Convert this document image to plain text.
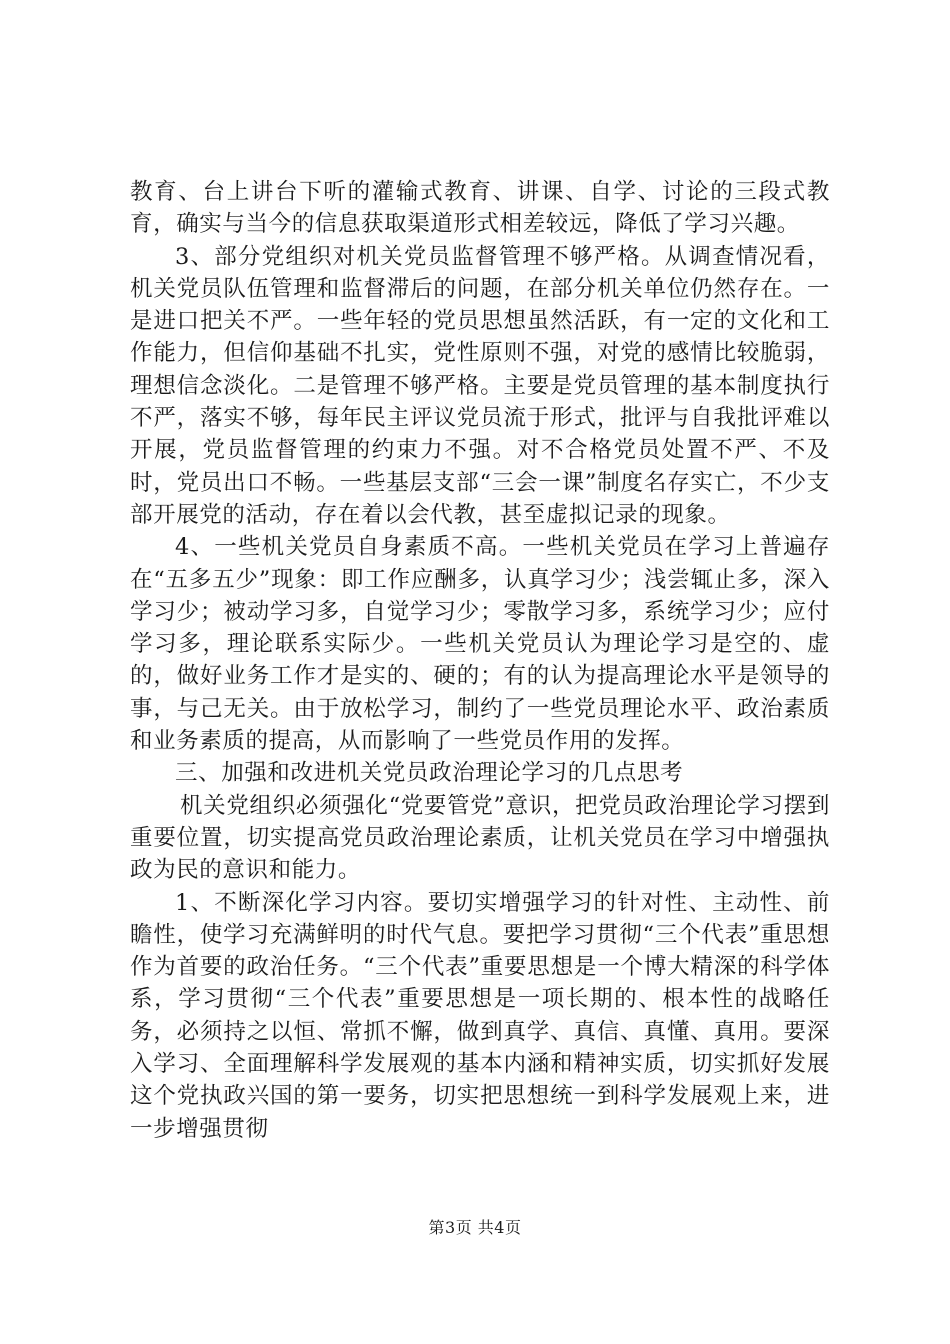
教育、台上讲台下听的灌输式教育、讲课、自学、讨论的三段式教育，确实与当今的信息获取渠道形式相差较远，降低了学习兴趣。

3、部分党组织对机关党员监督管理不够严格。从调查情况看，机关党员队伍管理和监督滞后的问题，在部分机关单位仍然存在。一是进口把关不严。一些年轻的党员思想虽然活跃，有一定的文化和工作能力，但信仰基础不扎实，党性原则不强，对党的感情比较脆弱，理想信念淡化。二是管理不够严格。主要是党员管理的基本制度执行不严，落实不够，每年民主评议党员流于形式，批评与自我批评难以开展，党员监督管理的约束力不强。对不合格党员处置不严、不及时，党员出口不畅。一些基层支部“三会一课”制度名存实亡，不少支部开展党的活动，存在着以会代教，甚至虚拟记录的现象。

4、一些机关党员自身素质不高。一些机关党员在学习上普遍存在“五多五少”现象：即工作应酬多，认真学习少；浅尝辄止多，深入学习少；被动学习多，自觉学习少；零散学习多，系统学习少；应付学习多，理论联系实际少。一些机关党员认为理论学习是空的、虚的，做好业务工作才是实的、硬的；有的认为提高理论水平是领导的事，与己无关。由于放松学习，制约了一些党员理论水平、政治素质和业务素质的提高，从而影响了一些党员作用的发挥。

三、加强和改进机关党员政治理论学习的几点思考

机关党组织必须强化“党要管党”意识，把党员政治理论学习摆到重要位置，切实提高党员政治理论素质，让机关党员在学习中增强执政为民的意识和能力。

1、不断深化学习内容。要切实增强学习的针对性、主动性、前瞻性，使学习充满鲜明的时代气息。要把学习贯彻“三个代表”重思想作为首要的政治任务。“三个代表”重要思想是一个博大精深的科学体系，学习贯彻“三个代表”重要思想是一项长期的、根本性的战略任务，必须持之以恒、常抓不懈，做到真学、真信、真懂、真用。要深入学习、全面理解科学发展观的基本内涵和精神实质，切实抓好发展这个党执政兴国的第一要务，切实把思想统一到科学发展观上来，进一步增强贯彻

第3页 共4页
